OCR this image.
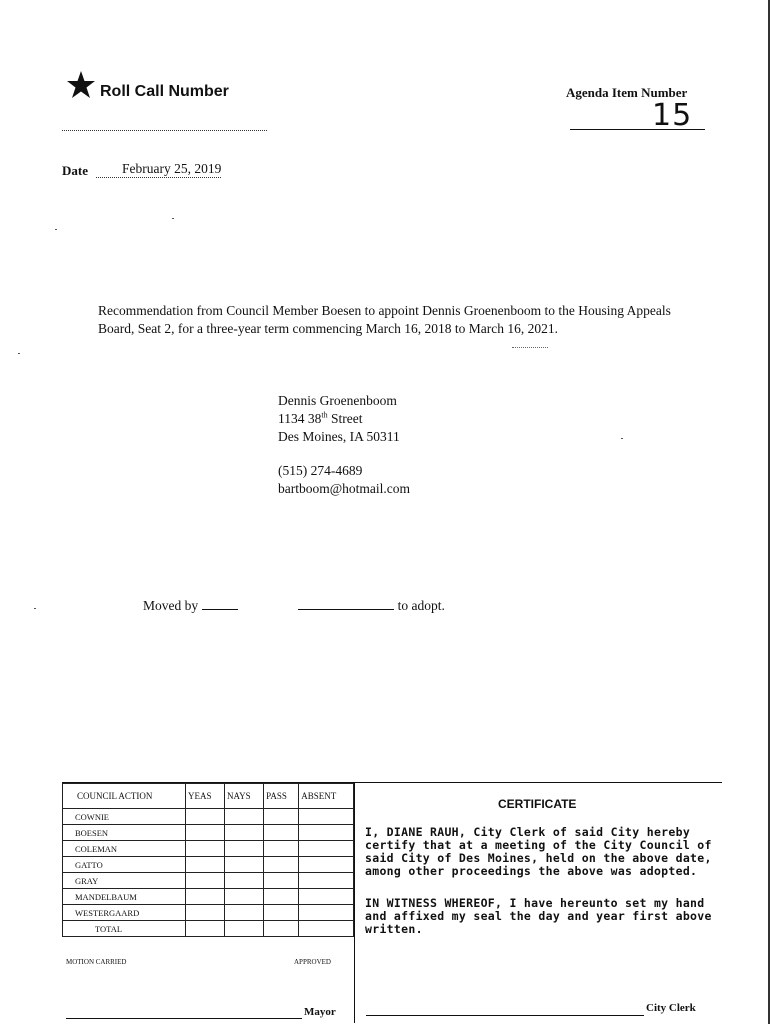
Roll Call Number	Agenda Item Number
15
Date	February 25, 2019
Recommendation from Council Member Boesen to appoint Dennis Groenenboom to the Housing Appeals Board, Seat 2, for a three-year term commencing March 16, 2018 to March 16, 2021.
Dennis Groenenboom
1134 38th Street
Des Moines, IA 50311
(515) 274-4689
bartboom@hotmail.com
Moved by	to adopt.
COUNCIL ACTION	YEAS	NAYS	PASS	ABSENT
COWNIE				
BOESEN				
COLEMAN				
GATTO				
GRAY				
MANDELBAUM				
WESTERGAARD				
TOTAL				
MOTION CARRIED	APPROVED
CERTIFICATE
I, DIANE RAUH, City Clerk of said City hereby certify that at a meeting of the City Council of said City of Des Moines, held on the above date, among other proceedings the above was adopted.
IN WITNESS WHEREOF, I have hereunto set my hand and affixed my seal the day and year first above written.
Mayor	City Clerk
